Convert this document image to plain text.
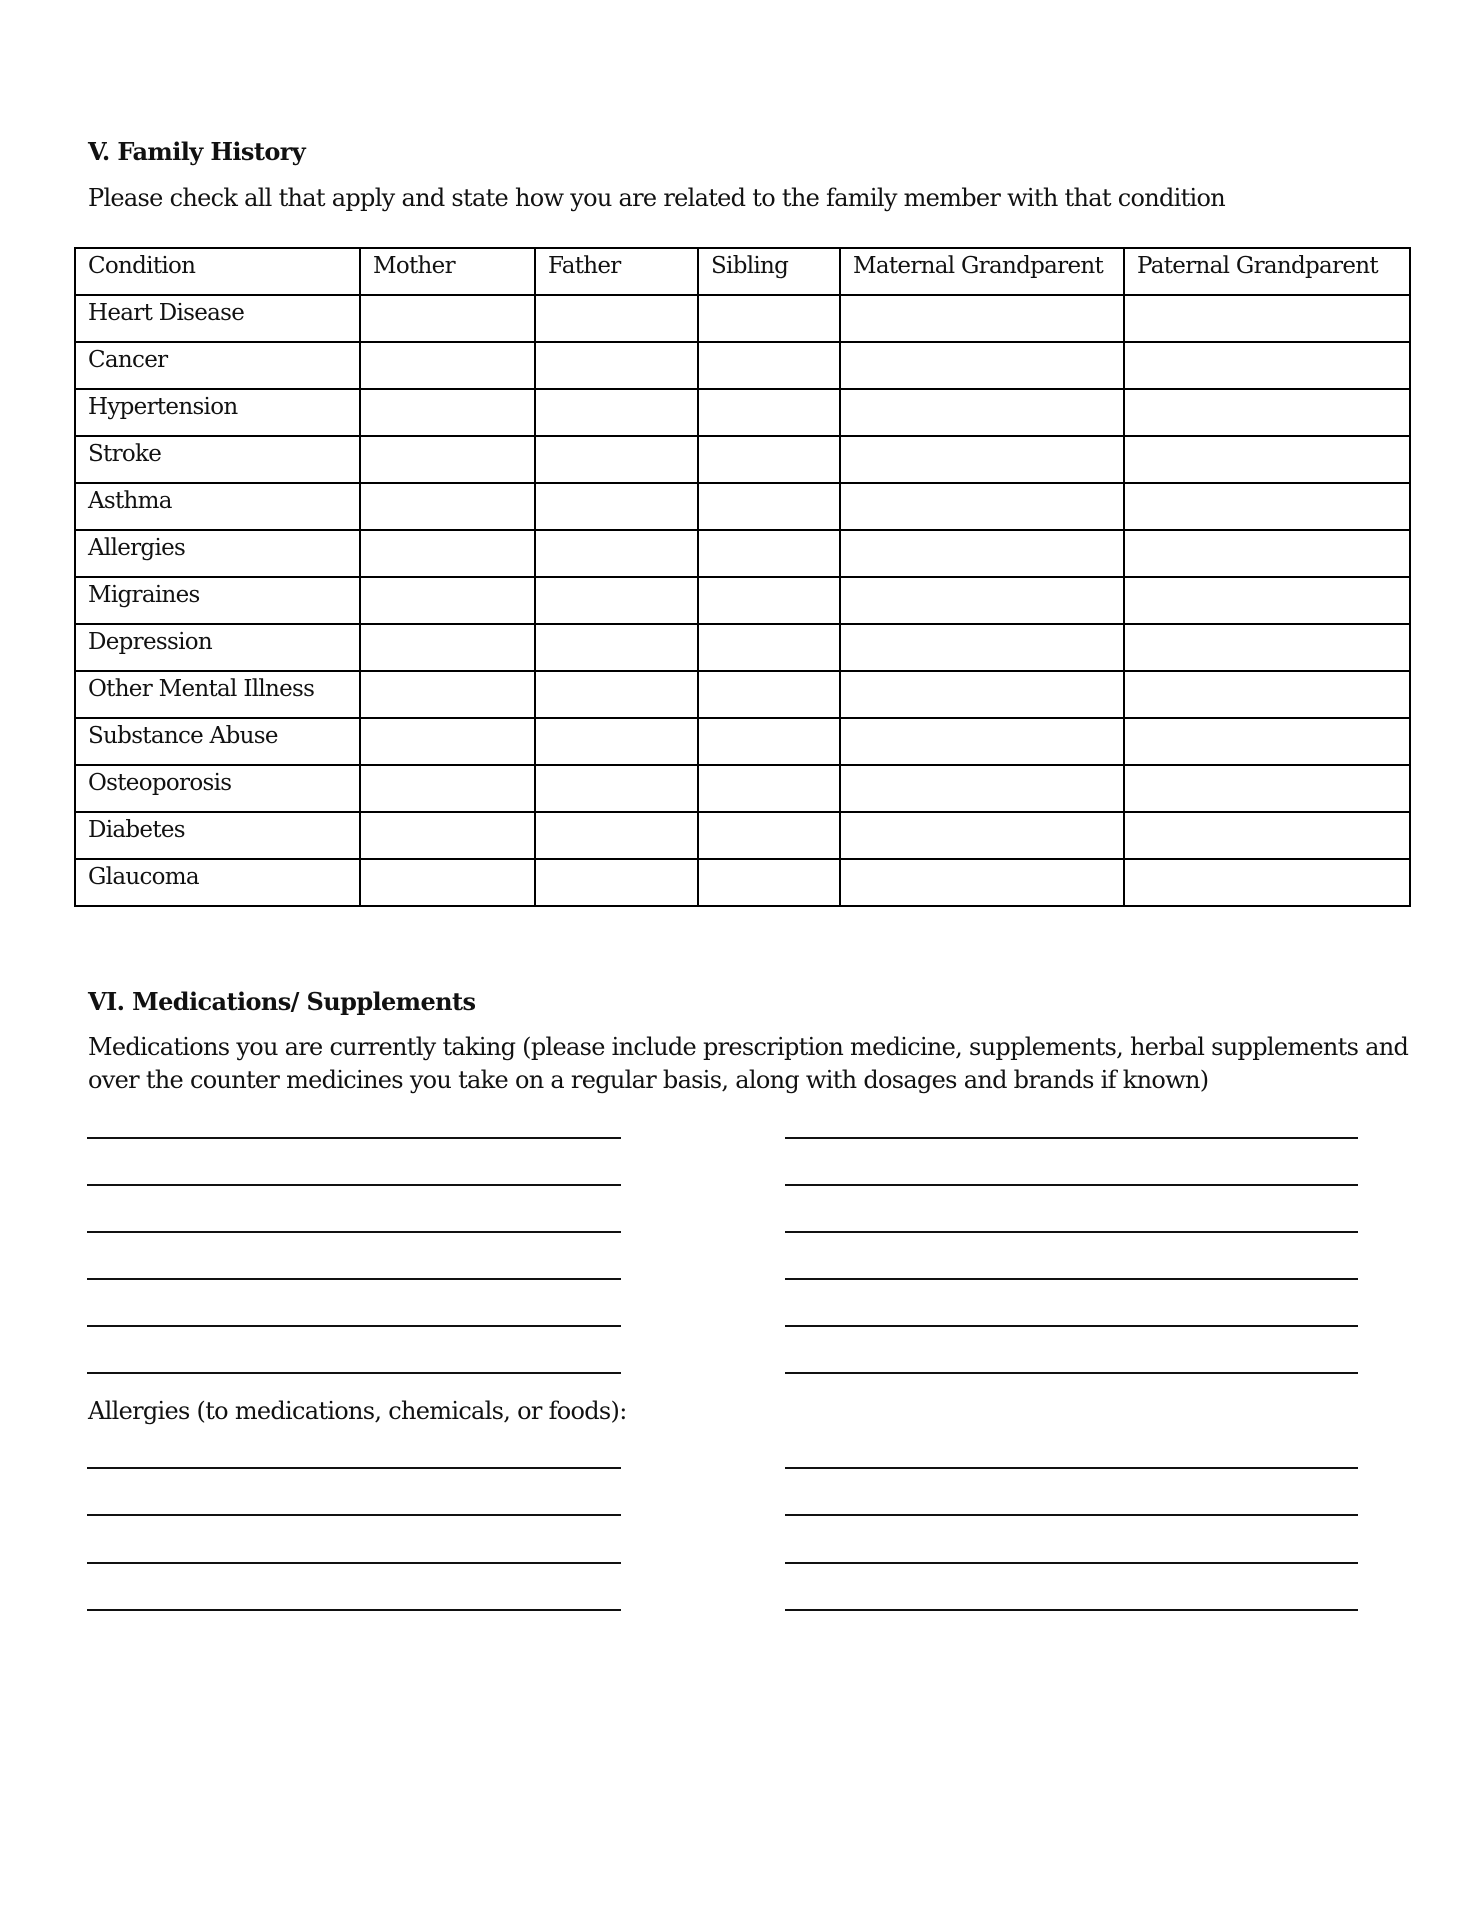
V. Family History
Please check all that apply and state how you are related to the family member with that condition
Condition	Mother	Father	Sibling	Maternal Grandparent	Paternal Grandparent
Heart Disease					
Cancer					
Hypertension					
Stroke					
Asthma					
Allergies					
Migraines					
Depression					
Other Mental Illness					
Substance Abuse					
Osteoporosis					
Diabetes					
Glaucoma					
VI. Medications/ Supplements
Medications you are currently taking (please include prescription medicine, supplements, herbal supplements and
over the counter medicines you take on a regular basis, along with dosages and brands if known)
Allergies (to medications, chemicals, or foods):
